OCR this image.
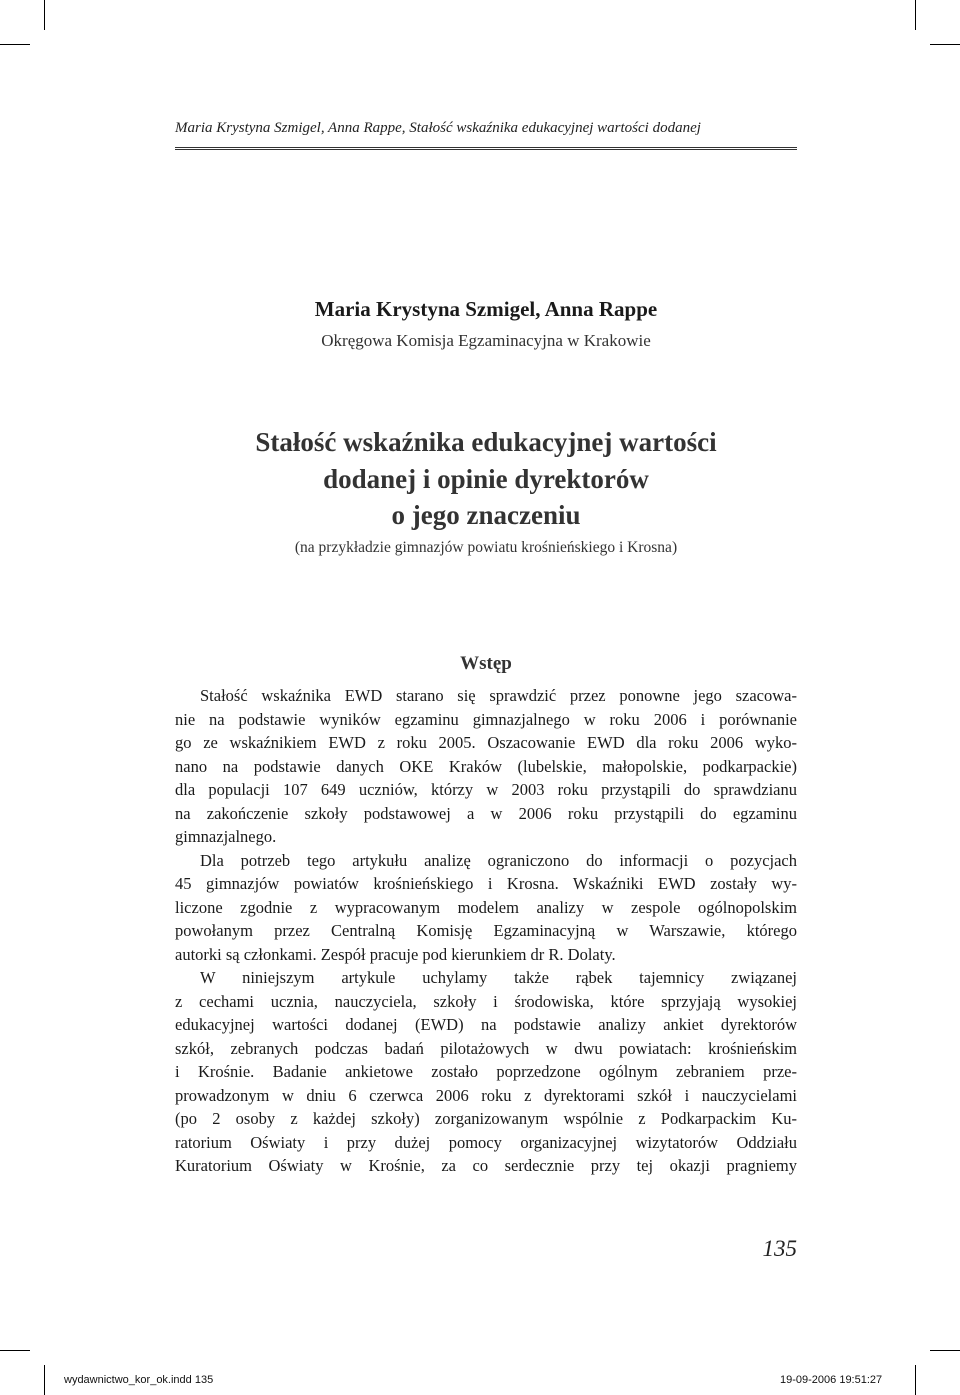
Maria Krystyna Szmigel, Anna Rappe, Stałość wskaźnika edukacyjnej wartości dodanej
Maria Krystyna Szmigel, Anna Rappe
Okręgowa Komisja Egzaminacyjna w Krakowie
Stałość wskaźnika edukacyjnej wartości
dodanej i opinie dyrektorów
o jego znaczeniu
(na przykładzie gimnazjów powiatu krośnieńskiego i Krosna)
Wstęp
Stałość wskaźnika EWD starano się sprawdzić przez ponowne jego szacowa-
nie na podstawie wyników egzaminu gimnazjalnego w roku 2006 i porównanie
go ze wskaźnikiem EWD z roku 2005. Oszacowanie EWD dla roku 2006 wyko-
nano na podstawie danych OKE Kraków (lubelskie, małopolskie, podkarpackie)
dla populacji 107 649 uczniów, którzy w 2003 roku przystąpili do sprawdzianu
na zakończenie szkoły podstawowej a w 2006 roku przystąpili do egzaminu
gimnazjalnego.
Dla potrzeb tego artykułu analizę ograniczono do informacji o pozycjach
45 gimnazjów powiatów krośnieńskiego i Krosna. Wskaźniki EWD zostały wy-
liczone zgodnie z wypracowanym modelem analizy w zespole ogólnopolskim
powołanym przez Centralną Komisję Egzaminacyjną w Warszawie, którego
autorki są członkami. Zespół pracuje pod kierunkiem dr R. Dolaty.
W niniejszym artykule uchylamy także rąbek tajemnicy związanej
z cechami ucznia, nauczyciela, szkoły i środowiska, które sprzyjają wysokiej
edukacyjnej wartości dodanej (EWD) na podstawie analizy ankiet dyrektorów
szkół, zebranych podczas badań pilotażowych w dwu powiatach: krośnieńskim
i Krośnie. Badanie ankietowe zostało poprzedzone ogólnym zebraniem prze-
prowadzonym w dniu 6 czerwca 2006 roku z dyrektorami szkół i nauczycielami
(po 2 osoby z każdej szkoły) zorganizowanym wspólnie z Podkarpackim Ku-
ratorium Oświaty i przy dużej pomocy organizacyjnej wizytatorów Oddziału
Kuratorium Oświaty w Krośnie, za co serdecznie przy tej okazji pragniemy
135
wydawnictwo_kor_ok.indd 135	19-09-2006 19:51:27
